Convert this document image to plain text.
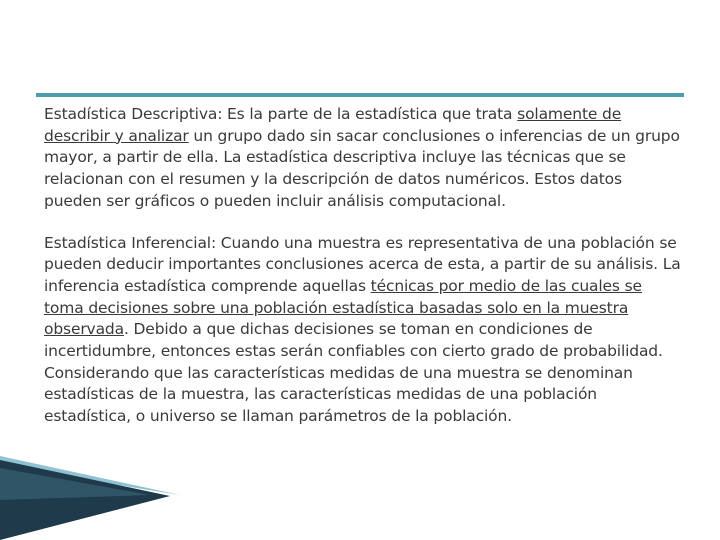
Estadística Descriptiva: Es la parte de la estadística que trata solamente de describir y analizar un grupo dado sin sacar conclusiones o inferencias de un grupo mayor, a partir de ella. La estadística descriptiva incluye las técnicas que se relacionan con el resumen y la descripción de datos numéricos. Estos datos pueden ser gráficos o pueden incluir análisis computacional.

Estadística Inferencial: Cuando una muestra es representativa de una población se pueden deducir importantes conclusiones acerca de esta, a partir de su análisis. La inferencia estadística comprende aquellas técnicas por medio de las cuales se toma decisiones sobre una población estadística basadas solo en la muestra observada. Debido a que dichas decisiones se toman en condiciones de incertidumbre, entonces estas serán confiables con cierto grado de probabilidad. Considerando que las características medidas de una muestra se denominan estadísticas de la muestra, las características medidas de una población estadística, o universo se llaman parámetros de la población.
